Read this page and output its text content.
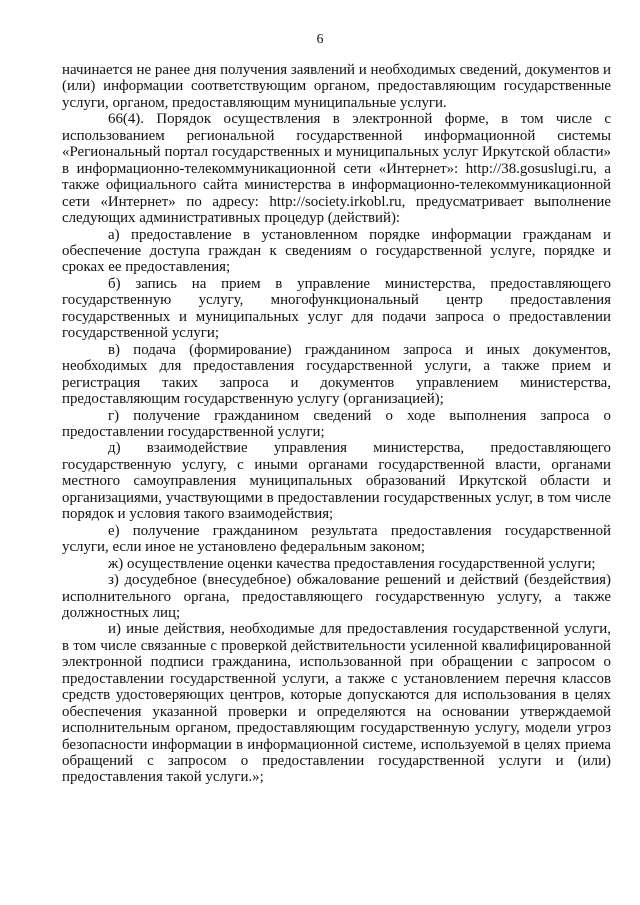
6

начинается не ранее дня получения заявлений и необходимых сведений, документов и (или) информации соответствующим органом, предоставляющим государственные услуги, органом, предоставляющим муниципальные услуги.

66(4). Порядок осуществления в электронной форме, в том числе с использованием региональной государственной информационной системы «Региональный портал государственных и муниципальных услуг Иркутской области» в информационно-телекоммуникационной сети «Интернет»: http://38.gosuslugi.ru, а также официального сайта министерства в информационно-телекоммуникационной сети «Интернет» по адресу: http://society.irkobl.ru, предусматривает выполнение следующих административных процедур (действий):

а) предоставление в установленном порядке информации гражданам и обеспечение доступа граждан к сведениям о государственной услуге, порядке и сроках ее предоставления;

б) запись на прием в управление министерства, предоставляющего государственную услугу, многофункциональный центр предоставления государственных и муниципальных услуг для подачи запроса о предоставлении государственной услуги;

в) подача (формирование) гражданином запроса и иных документов, необходимых для предоставления государственной услуги, а также прием и регистрация таких запроса и документов управлением министерства, предоставляющим государственную услугу (организацией);

г) получение гражданином сведений о ходе выполнения запроса о предоставлении государственной услуги;

д) взаимодействие управления министерства, предоставляющего государственную услугу, с иными органами государственной власти, органами местного самоуправления муниципальных образований Иркутской области и организациями, участвующими в предоставлении государственных услуг, в том числе порядок и условия такого взаимодействия;

е) получение гражданином результата предоставления государственной услуги, если иное не установлено федеральным законом;

ж) осуществление оценки качества предоставления государственной услуги;

з) досудебное (внесудебное) обжалование решений и действий (бездействия) исполнительного органа, предоставляющего государственную услугу, а также должностных лиц;

и) иные действия, необходимые для предоставления государственной услуги, в том числе связанные с проверкой действительности усиленной квалифицированной электронной подписи гражданина, использованной при обращении с запросом о предоставлении государственной услуги, а также с установлением перечня классов средств удостоверяющих центров, которые допускаются для использования в целях обеспечения указанной проверки и определяются на основании утверждаемой исполнительным органом, предоставляющим государственную услугу, модели угроз безопасности информации в информационной системе, используемой в целях приема обращений с запросом о предоставлении государственной услуги и (или) предоставления такой услуги.»;
